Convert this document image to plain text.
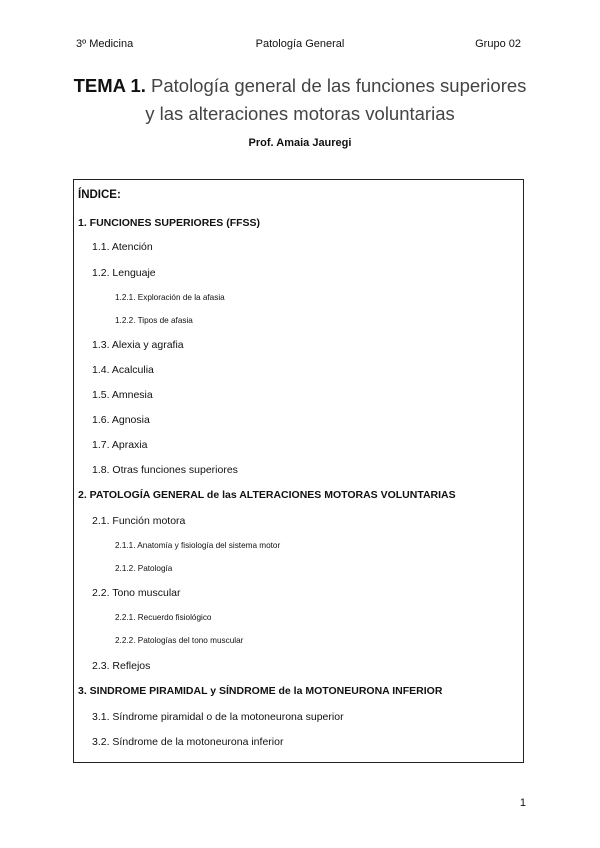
3º Medicina	Patología General	Grupo 02
TEMA 1. Patología general de las funciones superiores
y las alteraciones motoras voluntarias
Prof. Amaia Jauregi
ÍNDICE:
1. FUNCIONES SUPERIORES (FFSS)
1.1. Atención
1.2. Lenguaje
1.2.1. Exploración de la afasia
1.2.2. Tipos de afasia
1.3. Alexia y agrafia
1.4. Acalculia
1.5. Amnesia
1.6. Agnosia
1.7. Apraxia
1.8. Otras funciones superiores
2. PATOLOGÍA GENERAL de las ALTERACIONES MOTORAS VOLUNTARIAS
2.1. Función motora
2.1.1. Anatomía y fisiología del sistema motor
2.1.2. Patología
2.2. Tono muscular
2.2.1. Recuerdo fisiológico
2.2.2. Patologías del tono muscular
2.3. Reflejos
3. SINDROME PIRAMIDAL y SÍNDROME de la MOTONEURONA INFERIOR
3.1. Síndrome piramidal o de la motoneurona superior
3.2. Síndrome de la motoneurona inferior
1
